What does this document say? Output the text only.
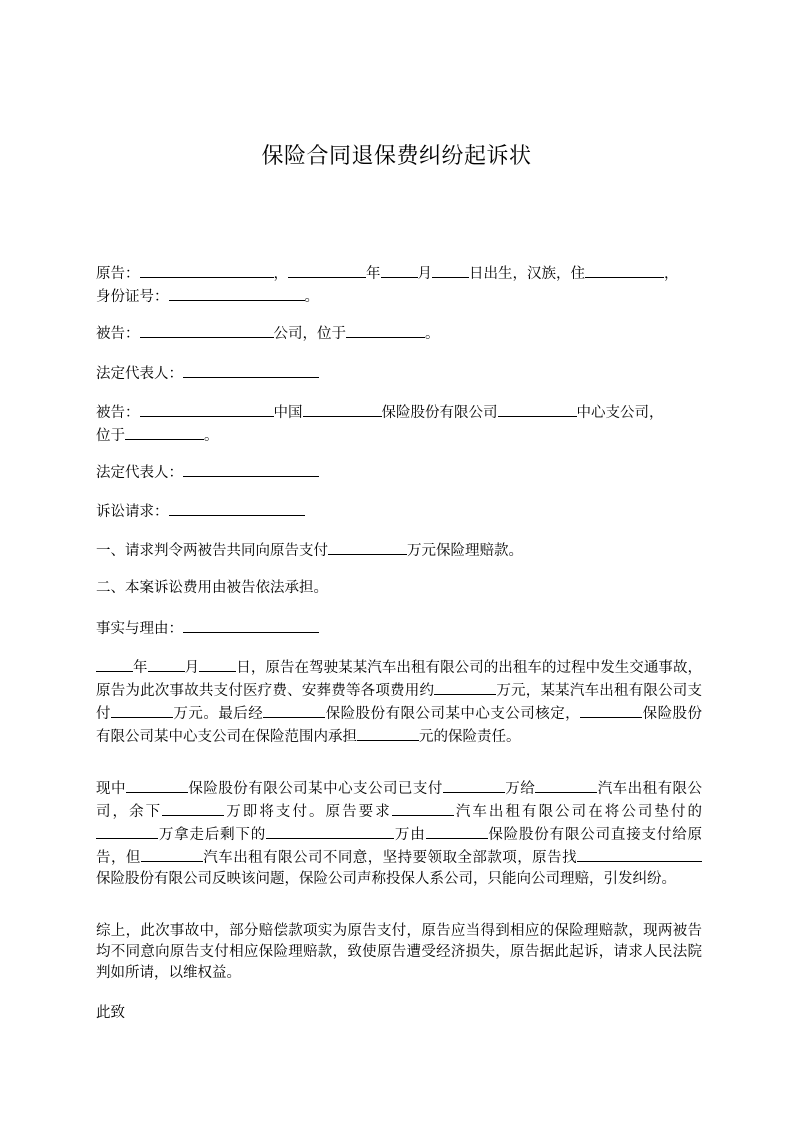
保险合同退保费纠纷起诉状

原告：	，	年	月	日出生，汉族，住	，
身份证号：	。

被告：	公司，位于	。

法定代表人：

被告：	中国	保险股份有限公司	中心支公司，
位于	。

法定代表人：

诉讼请求：

一、请求判令两被告共同向原告支付	万元保险理赔款。

二、本案诉讼费用由被告依法承担。

事实与理由：

年	月	日，原告在驾驶某某汽车出租有限公司的出租车的过程中发生交通事故，原告为此次事故共支付医疗费、安葬费等各项费用约	万元，某某汽车出租有限公司支付	万元。最后经	保险股份有限公司某中心支公司核定，	保险股份有限公司某中心支公司在保险范围内承担	元的保险责任。

现中	保险股份有限公司某中心支公司已支付	万给	汽车出租有限公司，余下	万即将支付。原告要求	汽车出租有限公司在将公司垫付的万拿走后剩下的	万由	保险股份有限公司直接支付给原告，但	汽车出租有限公司不同意，坚持要领取全部款项，原告找保险股份有限公司反映该问题，保险公司声称投保人系公司，只能向公司理赔，引发纠纷。

综上，此次事故中，部分赔偿款项实为原告支付，原告应当得到相应的保险理赔款，现两被告均不同意向原告支付相应保险理赔款，致使原告遭受经济损失，原告据此起诉，请求人民法院判如所请，以维权益。

此致
